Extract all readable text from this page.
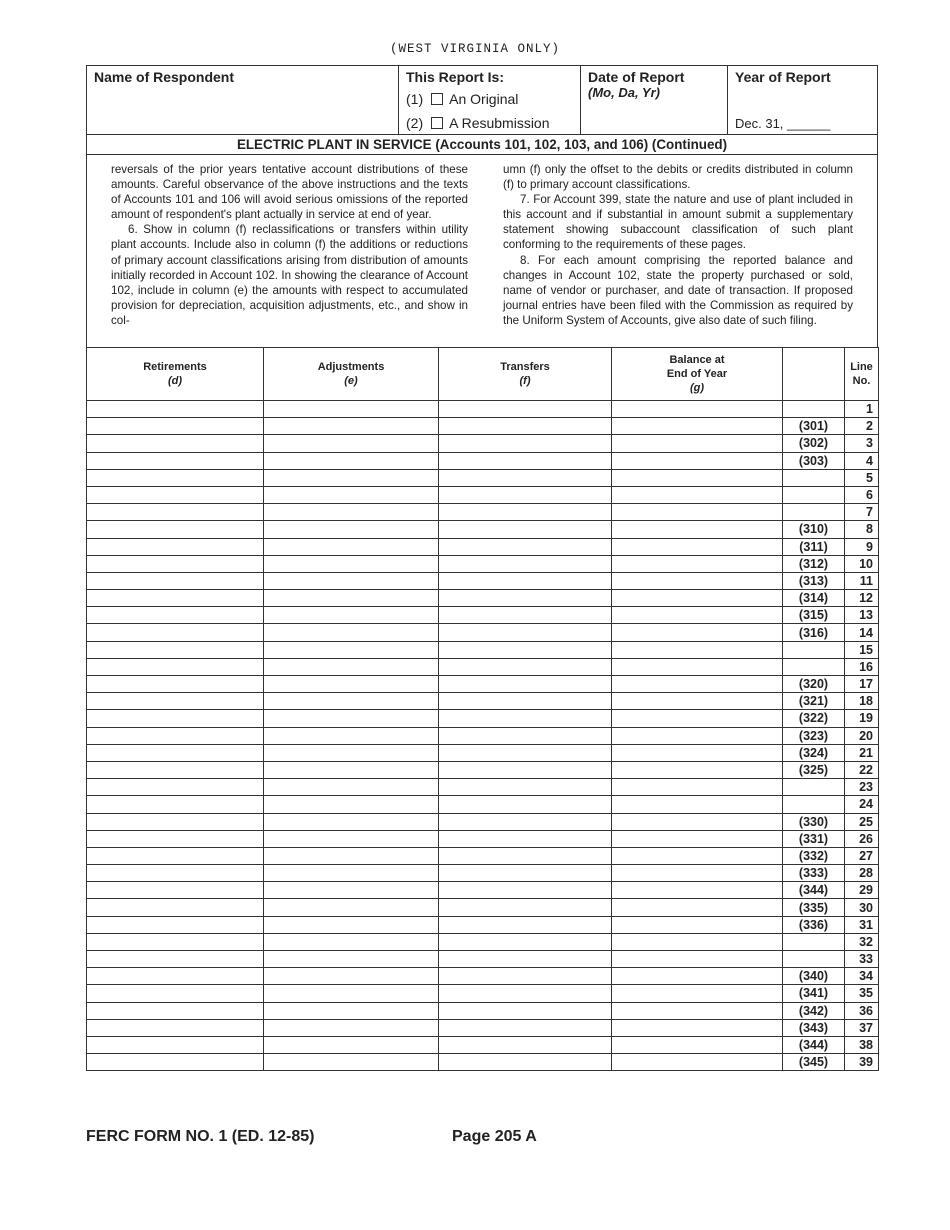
(WEST VIRGINIA ONLY)
Name of Respondent	This Report Is:
(1) An Original
(2) A Resubmission
Date of Report
(Mo, Da, Yr)
Year of Report
Dec. 31, ______
ELECTRIC PLANT IN SERVICE (Accounts 101, 102, 103, and 106) (Continued)

reversals of the prior years tentative account distributions of these amounts. Careful observance of the above instructions and the texts of Accounts 101 and 106 will avoid serious omissions of the reported amount of respondent's plant actually in service at end of year.

6. Show in column (f) reclassifications or transfers within utility plant accounts. Include also in column (f) the additions or reductions of primary account classifications arising from distribution of amounts initially recorded in Account 102. In showing the clearance of Account 102, include in column (e) the amounts with respect to accumulated provision for depreciation, acquisition adjustments, etc., and show in col-

umn (f) only the offset to the debits or credits distributed in column (f) to primary account classifications.

7. For Account 399, state the nature and use of plant included in this account and if substantial in amount submit a supplementary statement showing subaccount classification of such plant conforming to the requirements of these pages.

8. For each amount comprising the reported balance and changes in Account 102, state the property purchased or sold, name of vendor or purchaser, and date of transaction. If proposed journal entries have been filed with the Commission as required by the Uniform System of Accounts, give also date of such filing.

Retirements
(d)	Adjustments
(e)	Transfers
(f)	Balance at
End of Year
(g)		Line
No.
					1
				(301)	2
				(302)	3
				(303)	4
					5
					6
					7
				(310)	8
				(311)	9
				(312)	10
				(313)	11
				(314)	12
				(315)	13
				(316)	14
					15
					16
				(320)	17
				(321)	18
				(322)	19
				(323)	20
				(324)	21
				(325)	22
					23
					24
				(330)	25
				(331)	26
				(332)	27
				(333)	28
				(344)	29
				(335)	30
				(336)	31
					32
					33
				(340)	34
				(341)	35
				(342)	36
				(343)	37
				(344)	38
				(345)	39
FERC FORM NO. 1 (ED. 12-85)	Page 205 A
